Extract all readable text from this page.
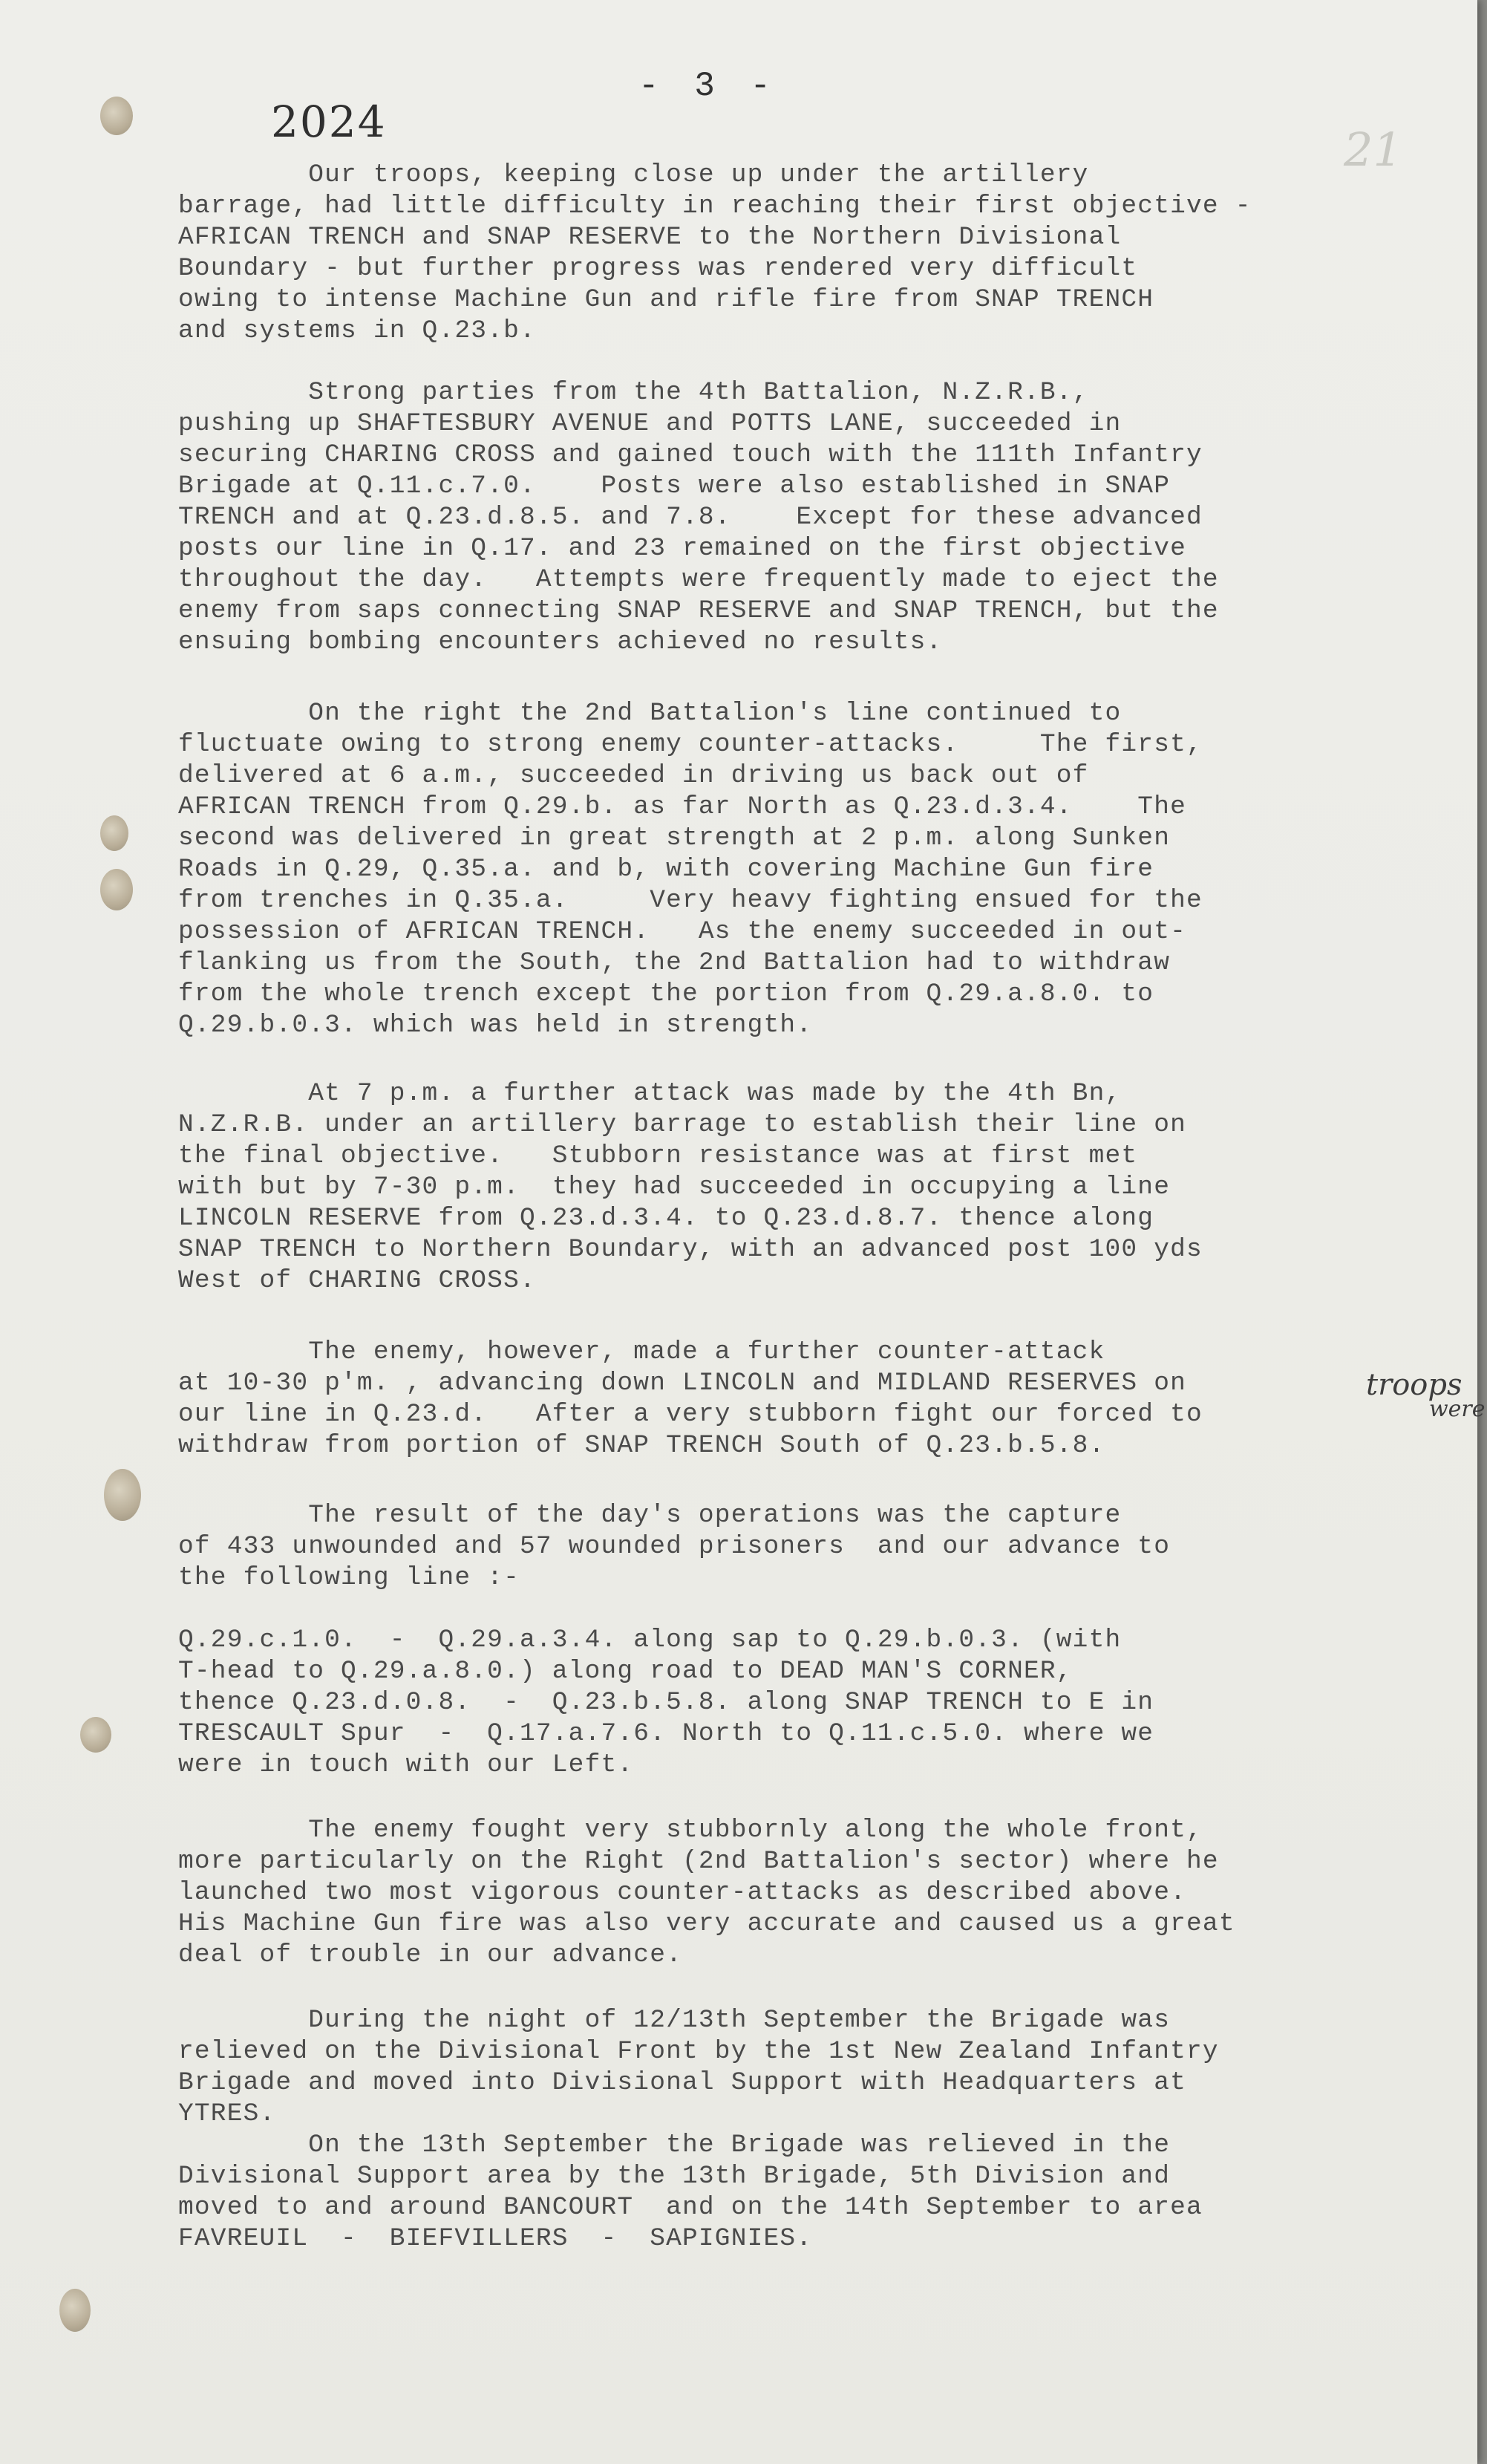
- 3 -
2024
21

Our troops, keeping close up under the artillery
barrage, had little difficulty in reaching their first objective -
AFRICAN TRENCH and SNAP RESERVE to the Northern Divisional
Boundary - but further progress was rendered very difficult
owing to intense Machine Gun and rifle fire from SNAP TRENCH
and systems in Q.23.b.

Strong parties from the 4th Battalion, N.Z.R.B.,
pushing up SHAFTESBURY AVENUE and POTTS LANE, succeeded in
securing CHARING CROSS and gained touch with the 111th Infantry
Brigade at Q.11.c.7.0.    Posts were also established in SNAP
TRENCH and at Q.23.d.8.5. and 7.8.    Except for these advanced
posts our line in Q.17. and 23 remained on the first objective
throughout the day.   Attempts were frequently made to eject the
enemy from saps connecting SNAP RESERVE and SNAP TRENCH, but the
ensuing bombing encounters achieved no results.

On the right the 2nd Battalion's line continued to
fluctuate owing to strong enemy counter-attacks.     The first,
delivered at 6 a.m., succeeded in driving us back out of
AFRICAN TRENCH from Q.29.b. as far North as Q.23.d.3.4.    The
second was delivered in great strength at 2 p.m. along Sunken
Roads in Q.29, Q.35.a. and b, with covering Machine Gun fire
from trenches in Q.35.a.     Very heavy fighting ensued for the
possession of AFRICAN TRENCH.   As the enemy succeeded in out-
flanking us from the South, the 2nd Battalion had to withdraw
from the whole trench except the portion from Q.29.a.8.0. to
Q.29.b.0.3. which was held in strength.

At 7 p.m. a further attack was made by the 4th Bn,
N.Z.R.B. under an artillery barrage to establish their line on
the final objective.   Stubborn resistance was at first met
with but by 7-30 p.m.  they had succeeded in occupying a line
LINCOLN RESERVE from Q.23.d.3.4. to Q.23.d.8.7. thence along
SNAP TRENCH to Northern Boundary, with an advanced post 100 yds
West of CHARING CROSS.

The enemy, however, made a further counter-attack
at 10-30 p'm. , advancing down LINCOLN and MIDLAND RESERVES on
our line in Q.23.d.   After a very stubborn fight our forced to
withdraw from portion of SNAP TRENCH South of Q.23.b.5.8.

The result of the day's operations was the capture
of 433 unwounded and 57 wounded prisoners  and our advance to
the following line :-

Q.29.c.1.0.  -  Q.29.a.3.4. along sap to Q.29.b.0.3. (with
T-head to Q.29.a.8.0.) along road to DEAD MAN'S CORNER,
thence Q.23.d.0.8.  -  Q.23.b.5.8. along SNAP TRENCH to E in
TRESCAULT Spur  -  Q.17.a.7.6. North to Q.11.c.5.0. where we
were in touch with our Left.

The enemy fought very stubbornly along the whole front,
more particularly on the Right (2nd Battalion's sector) where he
launched two most vigorous counter-attacks as described above.
His Machine Gun fire was also very accurate and caused us a great
deal of trouble in our advance.

During the night of 12/13th September the Brigade was
relieved on the Divisional Front by the 1st New Zealand Infantry
Brigade and moved into Divisional Support with Headquarters at
YTRES.

On the 13th September the Brigade was relieved in the
Divisional Support area by the 13th Brigade, 5th Division and
moved to and around BANCOURT  and on the 14th September to area
FAVREUIL  -  BIEFVILLERS  -  SAPIGNIES.

troops
were
